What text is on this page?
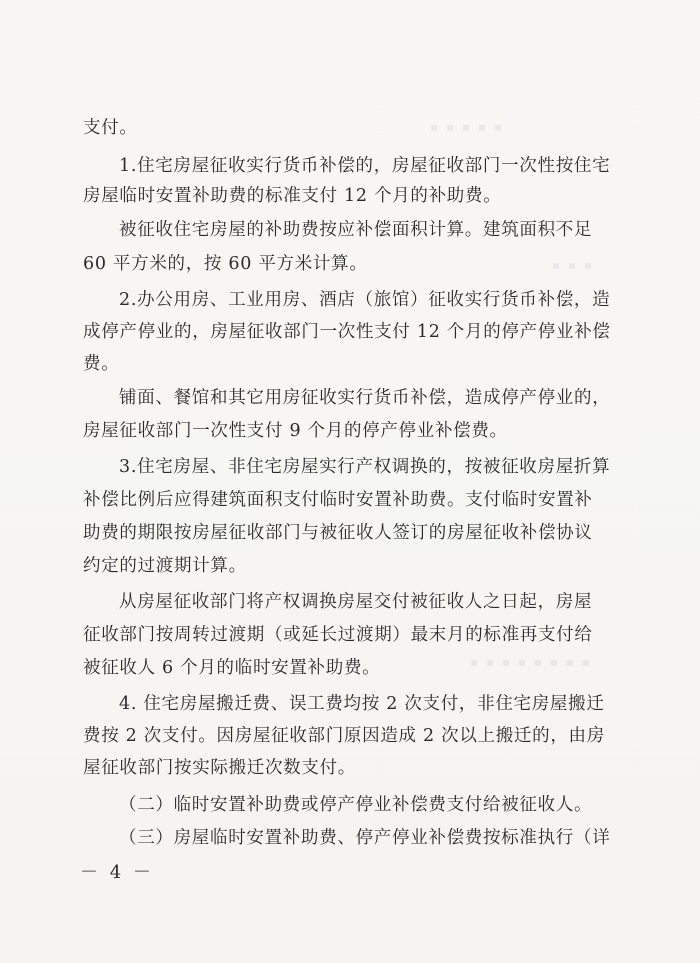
▪ ▪ ▪ ▪ ▪
▪ ▪ ▪
▪ ▪ ▪ ▪ ▪ ▪ ▪ ▪
支付。
1.住宅房屋征收实行货币补偿的，房屋征收部门一次性按住宅
房屋临时安置补助费的标准支付 12 个月的补助费。
被征收住宅房屋的补助费按应补偿面积计算。建筑面积不足
60 平方米的，按 60 平方米计算。
2.办公用房、工业用房、酒店（旅馆）征收实行货币补偿，造
成停产停业的，房屋征收部门一次性支付 12 个月的停产停业补偿
费。
铺面、餐馆和其它用房征收实行货币补偿，造成停产停业的，
房屋征收部门一次性支付 9 个月的停产停业补偿费。
3.住宅房屋、非住宅房屋实行产权调换的，按被征收房屋折算
补偿比例后应得建筑面积支付临时安置补助费。支付临时安置补
助费的期限按房屋征收部门与被征收人签订的房屋征收补偿协议
约定的过渡期计算。
从房屋征收部门将产权调换房屋交付被征收人之日起，房屋
征收部门按周转过渡期（或延长过渡期）最末月的标准再支付给
被征收人 6 个月的临时安置补助费。
4. 住宅房屋搬迁费、误工费均按 2 次支付，非住宅房屋搬迁
费按 2 次支付。因房屋征收部门原因造成 2 次以上搬迁的，由房
屋征收部门按实际搬迁次数支付。
（二）临时安置补助费或停产停业补偿费支付给被征收人。
（三）房屋临时安置补助费、停产停业补偿费按标准执行（详
－ 4 －
